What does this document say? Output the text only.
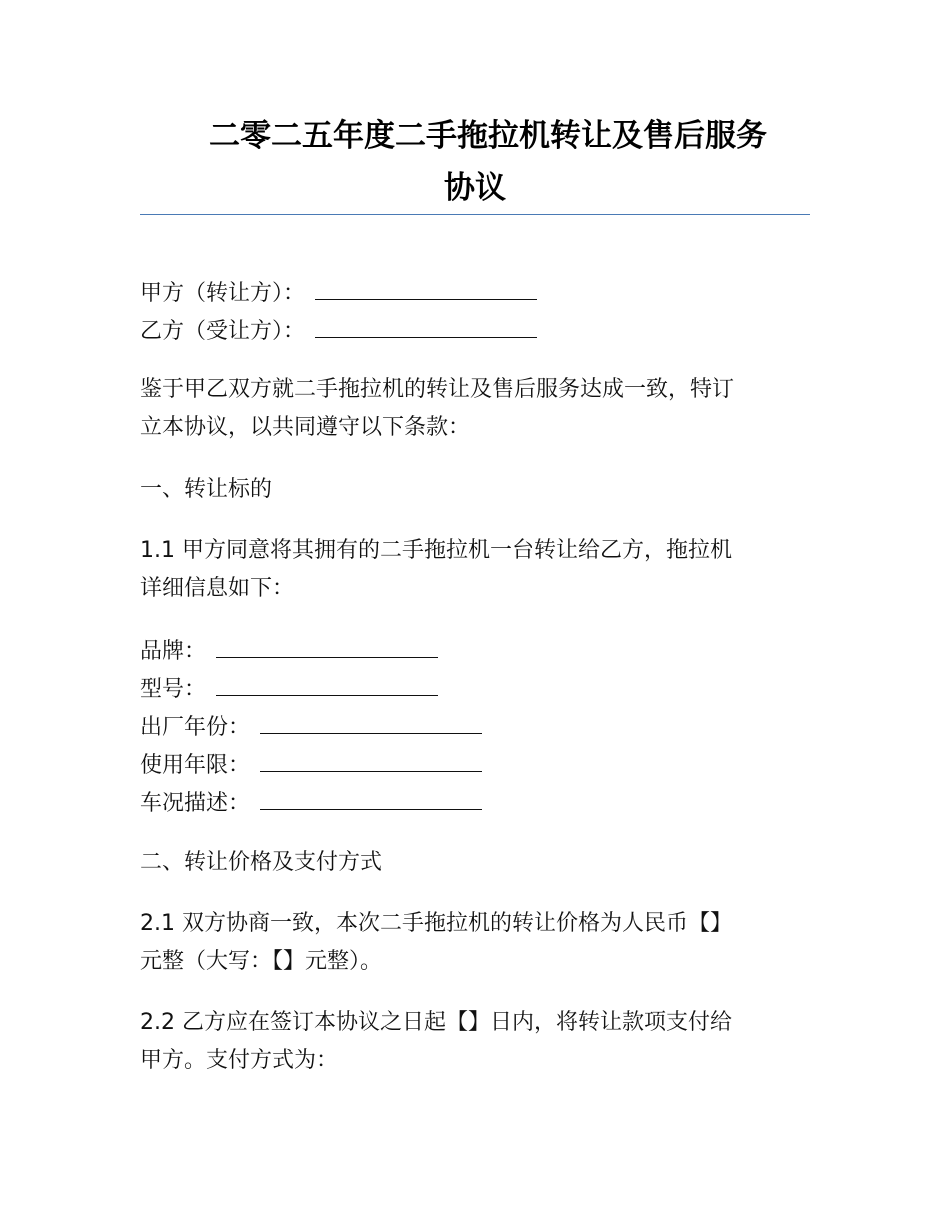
二零二五年度二手拖拉机转让及售后服务
协议
甲方（转让方）：
乙方（受让方）：
鉴于甲乙双方就二手拖拉机的转让及售后服务达成一致，特订
立本协议，以共同遵守以下条款：
一、转让标的
1.1 甲方同意将其拥有的二手拖拉机一台转让给乙方，拖拉机
详细信息如下：
品牌：
型号：
出厂年份：
使用年限：
车况描述：
二、转让价格及支付方式
2.1 双方协商一致，本次二手拖拉机的转让价格为人民币【】
元整（大写：【】元整）。
2.2 乙方应在签订本协议之日起【】日内，将转让款项支付给
甲方。支付方式为：
